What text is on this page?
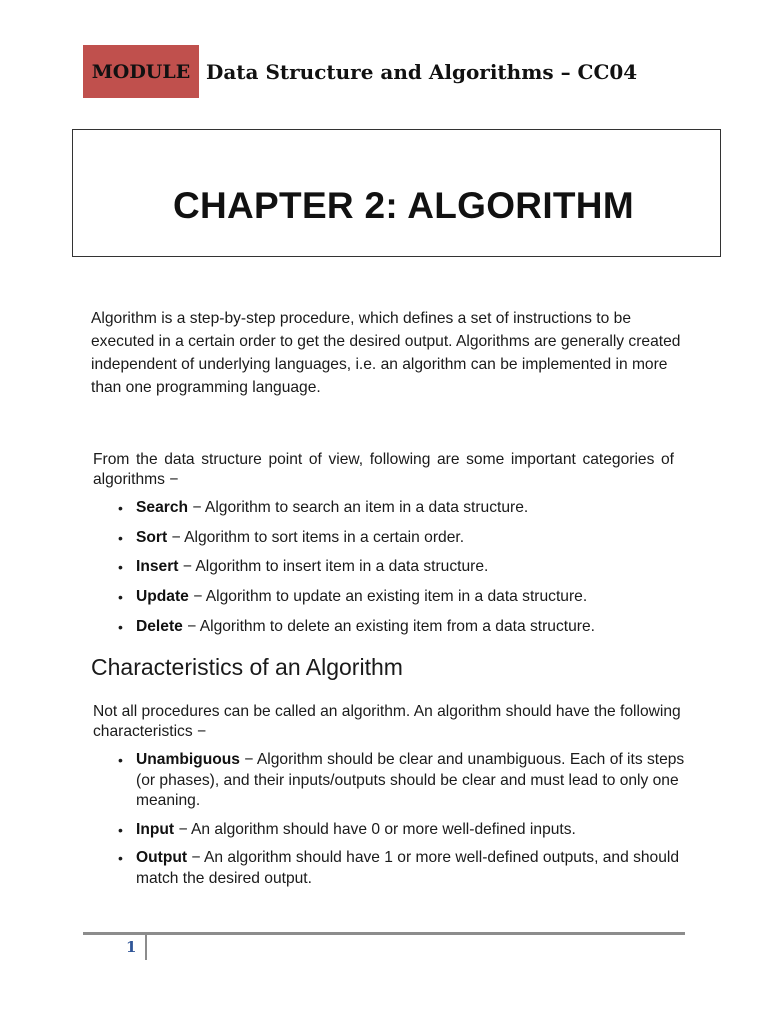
MODULE Data Structure and Algorithms – CC04
CHAPTER 2: ALGORITHM
Algorithm is a step-by-step procedure, which defines a set of instructions to be executed in a certain order to get the desired output. Algorithms are generally created independent of underlying languages, i.e. an algorithm can be implemented in more than one programming language.
From the data structure point of view, following are some important categories of algorithms −
• Search − Algorithm to search an item in a data structure.
• Sort − Algorithm to sort items in a certain order.
• Insert − Algorithm to insert item in a data structure.
• Update − Algorithm to update an existing item in a data structure.
• Delete − Algorithm to delete an existing item from a data structure.
Characteristics of an Algorithm
Not all procedures can be called an algorithm. An algorithm should have the following characteristics −
• Unambiguous − Algorithm should be clear and unambiguous. Each of its steps (or phases), and their inputs/outputs should be clear and must lead to only one meaning.
• Input − An algorithm should have 0 or more well-defined inputs.
• Output − An algorithm should have 1 or more well-defined outputs, and should match the desired output.
1
